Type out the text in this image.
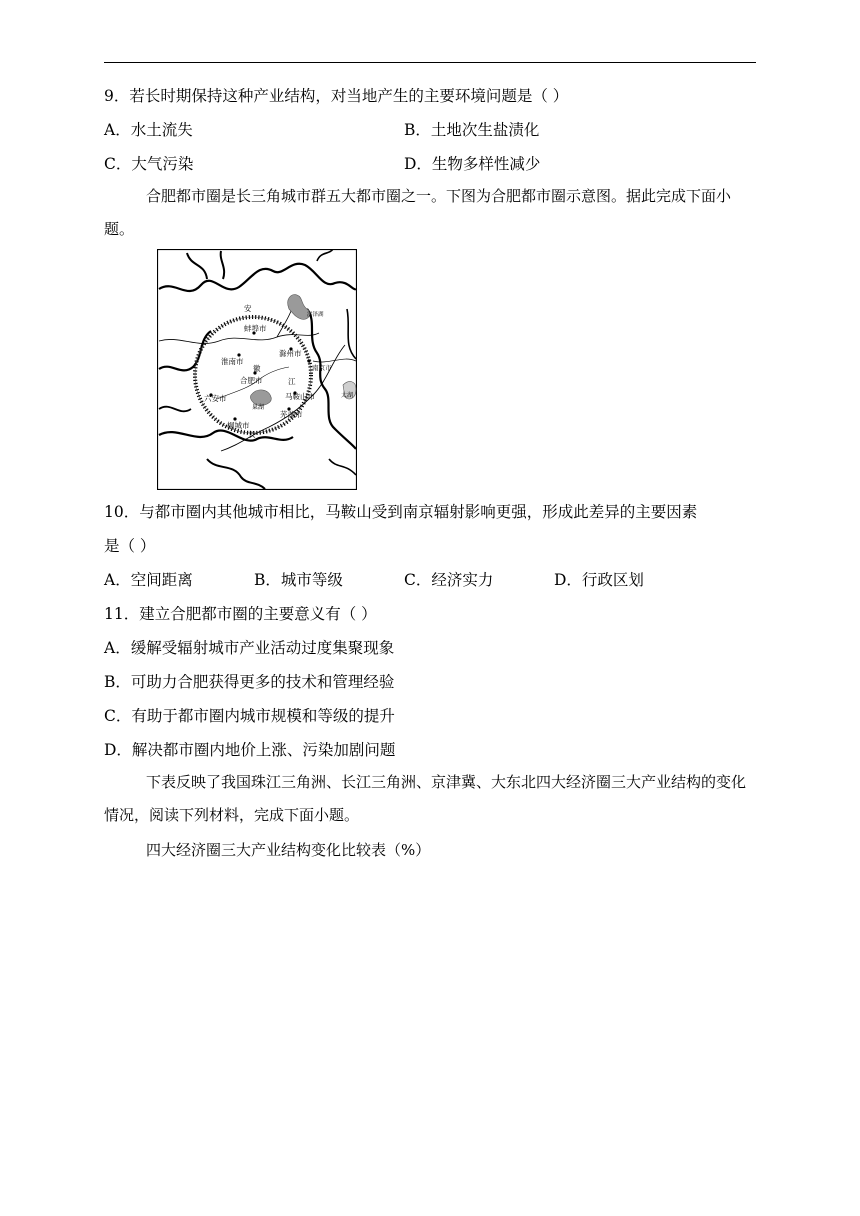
9．若长时期保持这种产业结构，对当地产生的主要环境问题是（ ）
A．水土流失	B．土地次生盐渍化
C．大气污染	D．生物多样性减少
合肥都市圈是长三角城市群五大都市圈之一。下图为合肥都市圈示意图。据此完成下面小题。
安
蚌埠市
洪泽湖
淮南市
滁州市
徽	南京市
合肥市	江
六安市	马鞍山市	太湖
巢湖
芜湖市
桐城市
长
10．与都市圈内其他城市相比，马鞍山受到南京辐射影响更强，形成此差异的主要因素
是（ ）
A．空间距离	B．城市等级	C．经济实力	D．行政区划
11．建立合肥都市圈的主要意义有（ ）
A．缓解受辐射城市产业活动过度集聚现象
B．可助力合肥获得更多的技术和管理经验
C．有助于都市圈内城市规模和等级的提升
D．解决都市圈内地价上涨、污染加剧问题
下表反映了我国珠江三角洲、长江三角洲、京津冀、大东北四大经济圈三大产业结构的变化情况，阅读下列材料，完成下面小题。
四大经济圈三大产业结构变化比较表（%）
